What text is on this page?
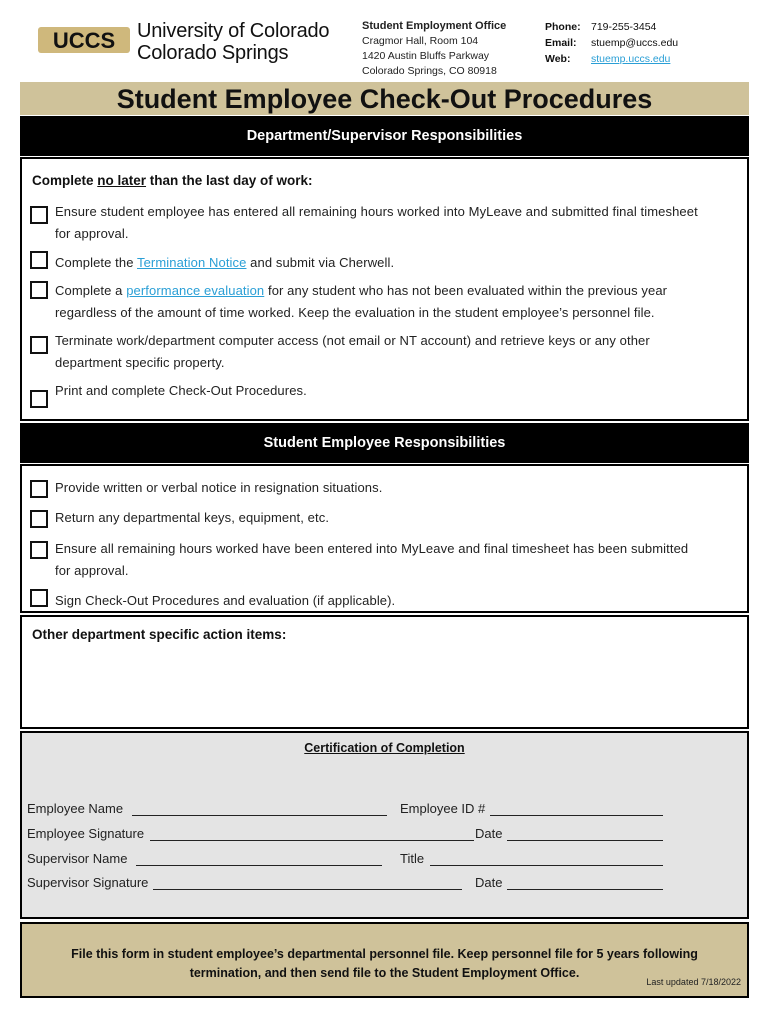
UCCS University of Colorado
Colorado Springs
Student Employment Office
Cragmor Hall, Room 104
1420 Austin Bluffs Parkway
Colorado Springs, CO 80918
Phone: 719-255-3454
Email: stuemp@uccs.edu
Web: stuemp.uccs.edu
Student Employee Check-Out Procedures
Department/Supervisor Responsibilities
Complete no later than the last day of work:
Ensure student employee has entered all remaining hours worked into MyLeave and submitted final timesheet
for approval.
Complete the Termination Notice and submit via Cherwell.
Complete a performance evaluation for any student who has not been evaluated within the previous year
regardless of the amount of time worked. Keep the evaluation in the student employee’s personnel file.
Terminate work/department computer access (not email or NT account) and retrieve keys or any other
department specific property.
Print and complete Check-Out Procedures.
Student Employee Responsibilities
Provide written or verbal notice in resignation situations.
Return any departmental keys, equipment, etc.
Ensure all remaining hours worked have been entered into MyLeave and final timesheet has been submitted
for approval.
Sign Check-Out Procedures and evaluation (if applicable).
Other department specific action items:
Certification of Completion
Employee Name	Employee ID #
Employee Signature	Date
Supervisor Name	Title
Supervisor Signature	Date
File this form in student employee’s departmental personnel file. Keep personnel file for 5 years following
termination, and then send file to the Student Employment Office.
Last updated 7/18/2022
